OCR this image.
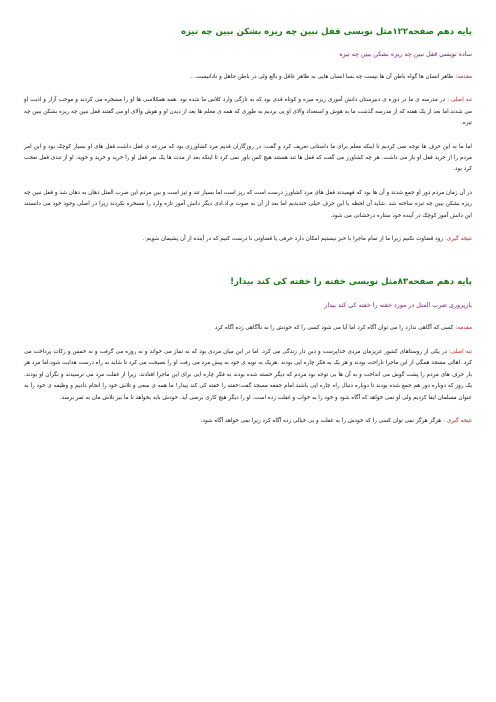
پایه دهم صفحه۱۲۲مثل نویسی قفل نبین چه ریزه بشکن ببین چه تیزه
ساده نویسی قفل نبین چه ریزه بشکن ببین چه تیزه

مقدمه:ظاهر انسان ها گواه باطن آن ها نیست چه بسا انسان هایی به ظاهر عاقل و بالغ ولی در باطن جاهل و نادانیست...

تنه اصلی :در مدرسه ی ما در دوره ی دبیرستان دانش آموزی ریزه میزه و کوتاه قدی بود که به تازگی وارد کلاس ما شده بود .همه همکلاسی ها او را مسخره می کردند و موجب آزار و اذیت او می شدند.اما بعد از یک هفته که از مدرسه گذشت ما به هوش و استعداد والای او پی بردیم به طوری که همه ی معلم ها بعد از دیدن او و هوش والای او می گفتند قفل نبین چه ریزه بشکن ببین چه تیزه.

اما ما به این حرف ها توجه نمی کردیم تا اینکه معلم برای ما داستانی تعریف کرد و گفت: در روزگاران قدیم مرد کشاورزی بود که مزرعه ی قفل داشت.قفل های او بسیار کوچک بود و این امر مردم را از خرید قفل او باز می داشت. هر چه کشاورز می گفت که قفل ها تند هستند هیچ کس باور نمی کرد تا اینکه بعد از مدت ها یک نفر قفل او را خرید و خرید و خوید. او از تندی قفل تعجب کرد بود.

در آن زمان مردم دور او جمع شدند و آن ها بود که فهمیدند قفل های مرد کشاورز درست است که ریز است اما بسیار تند و تیز است و بین مردم این ضرب المثل دهان به دهان شد و قفل نبین چه ریزه بشکن ببین چه تیزه ساخته شد .شاید آن لحظه با این حرف خیلی خندیدیم اما بعد از آن به صوت م.اد.ادی دیگر دانش آموز تازه وارد را مسخره نکردند زیرا در اصلی وجود خود می دانستند این دانش آموز کوچک در آینده خود ستاره درخشانی می شود.

نتیجه گیری:زود قضاوت نکنیم زیرا ما از تمام ماجرا با خبر نیستیم امکان دارد حرفی یا قضاوتی نا درست کنیم که در آینده از آن پشیمان شویم .

پایه دهم صفحه۸۳مثل نویسی خفته را خفته کی کند بیدار!
بازپروری ضرب المثل در مورد خفته را خفته کی کند بیدار

مقدمه:کسی که آگاهی ندارد را می توان آگاه کرد اما آیا می شود کسی را که خودش را به ناآگاهی زده آگاه کرد

تنه اصلی:در یکی از روستاهای کشور عزیزمان مردی خداپرست و دین دار زندگی می کرد. اما در این میان مردی بود که نه نماز می خواند و نه روزه می گرفت و نه خمس و زکات پرداخت می کرد. اهالی مسجد همگی از این ماجرا ناراحت بودند و هر یک به فکر چاره ایی بودند .هریک به نوبه ی خود به پیش مرد می رفت او را نصیحت می کرد تا شاید به راه درست هدایت شود.اما مرد هر بار حرف های مردم را پشت گوش می انداخت و به آن ها بی توجه بود مردم که دیگر خسته شده بودند به فکر چاره ایی برای این ماجرا افتادند. زیرا از غفلت مرد می ترسیدند و نگران او بودند. یک روز که دوباره دور هم جمع شده بودند تا دوباره دنبال راه چاره ایی باشند.امام جمعه مسجد گفت:خفته را خفته کی کند بیدار! ما همه ی سعی و تلاش خود را انجام دادیم و وظیفه ی خود را به عنوان مسلمان ایفا کردیم ولی او نمی خواهد که آگاه شود و خود را به خواب و غفلت زده است. او را دیگر هیچ کاری برنمی آید. خودش باید بخواهد تا ما نیز تلاش مان به ثمر برسد.

نتیجه گیری :هرگز هرگز نمی توان کسی را که خودش را به غفلت و بی خیالی زده آگاه کرد زیرا نمی خواهد آگاه شود.
